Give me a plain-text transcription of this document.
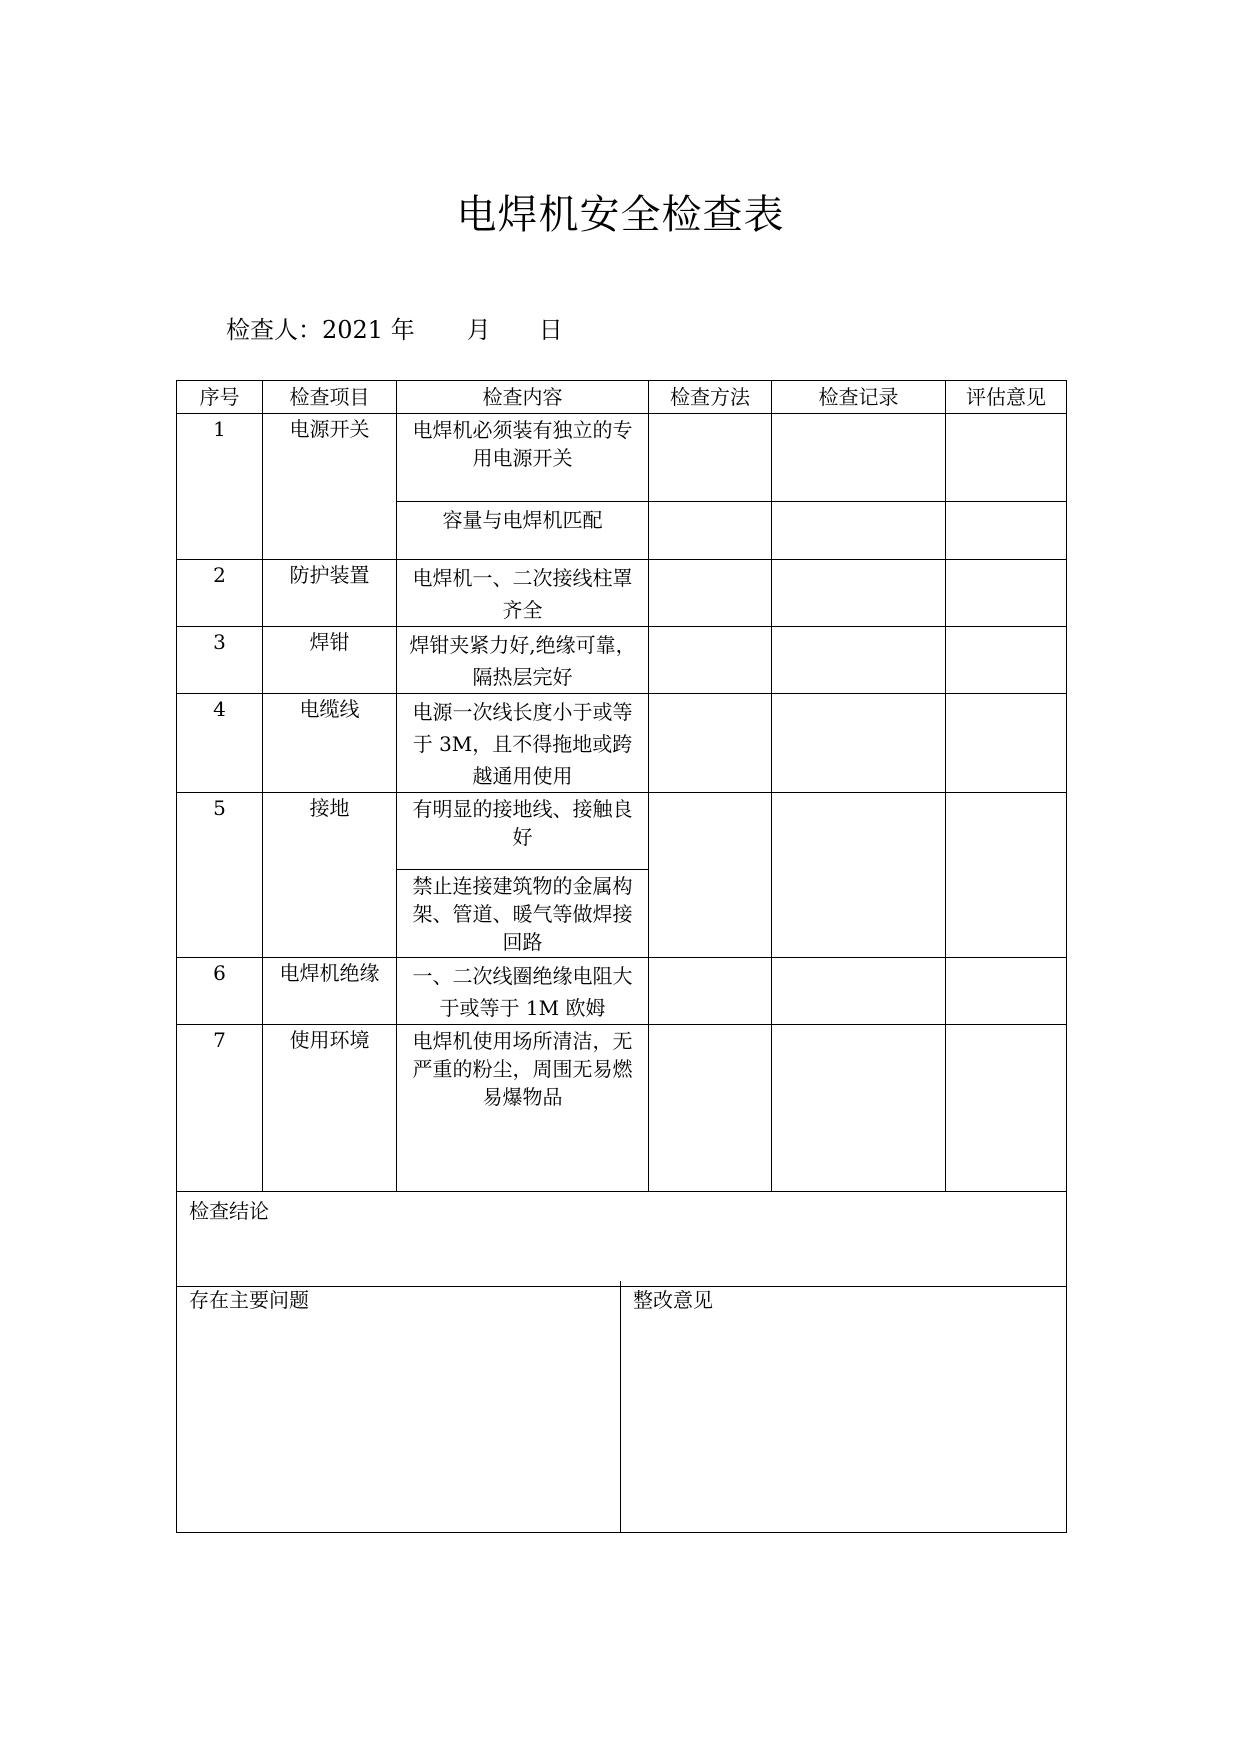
电焊机安全检查表
检查人：2021 年 月 日
序号	检查项目	检查内容	检查方法	检查记录	评估意见
1	电源开关	电焊机必须装有独立的专用电源开关			

		容量与电焊机匹配			

2	防护装置	电焊机一、二次接线柱罩齐全			

3	焊钳	焊钳夹紧力好,绝缘可靠，隔热层完好			

4	电缆线	电源一次线长度小于或等于 3M，且不得拖地或跨越通用使用			

5	接地	有明显的接地线、接触良好			

		禁止连接建筑物的金属构架、管道、暖气等做焊接回路			

6	电焊机绝缘	一、二次线圈绝缘电阻大于或等于 1M 欧姆			

7	使用环境	电焊机使用场所清洁，无严重的粉尘，周围无易燃易爆物品			

检查结论					
存在主要问题	整改意见
